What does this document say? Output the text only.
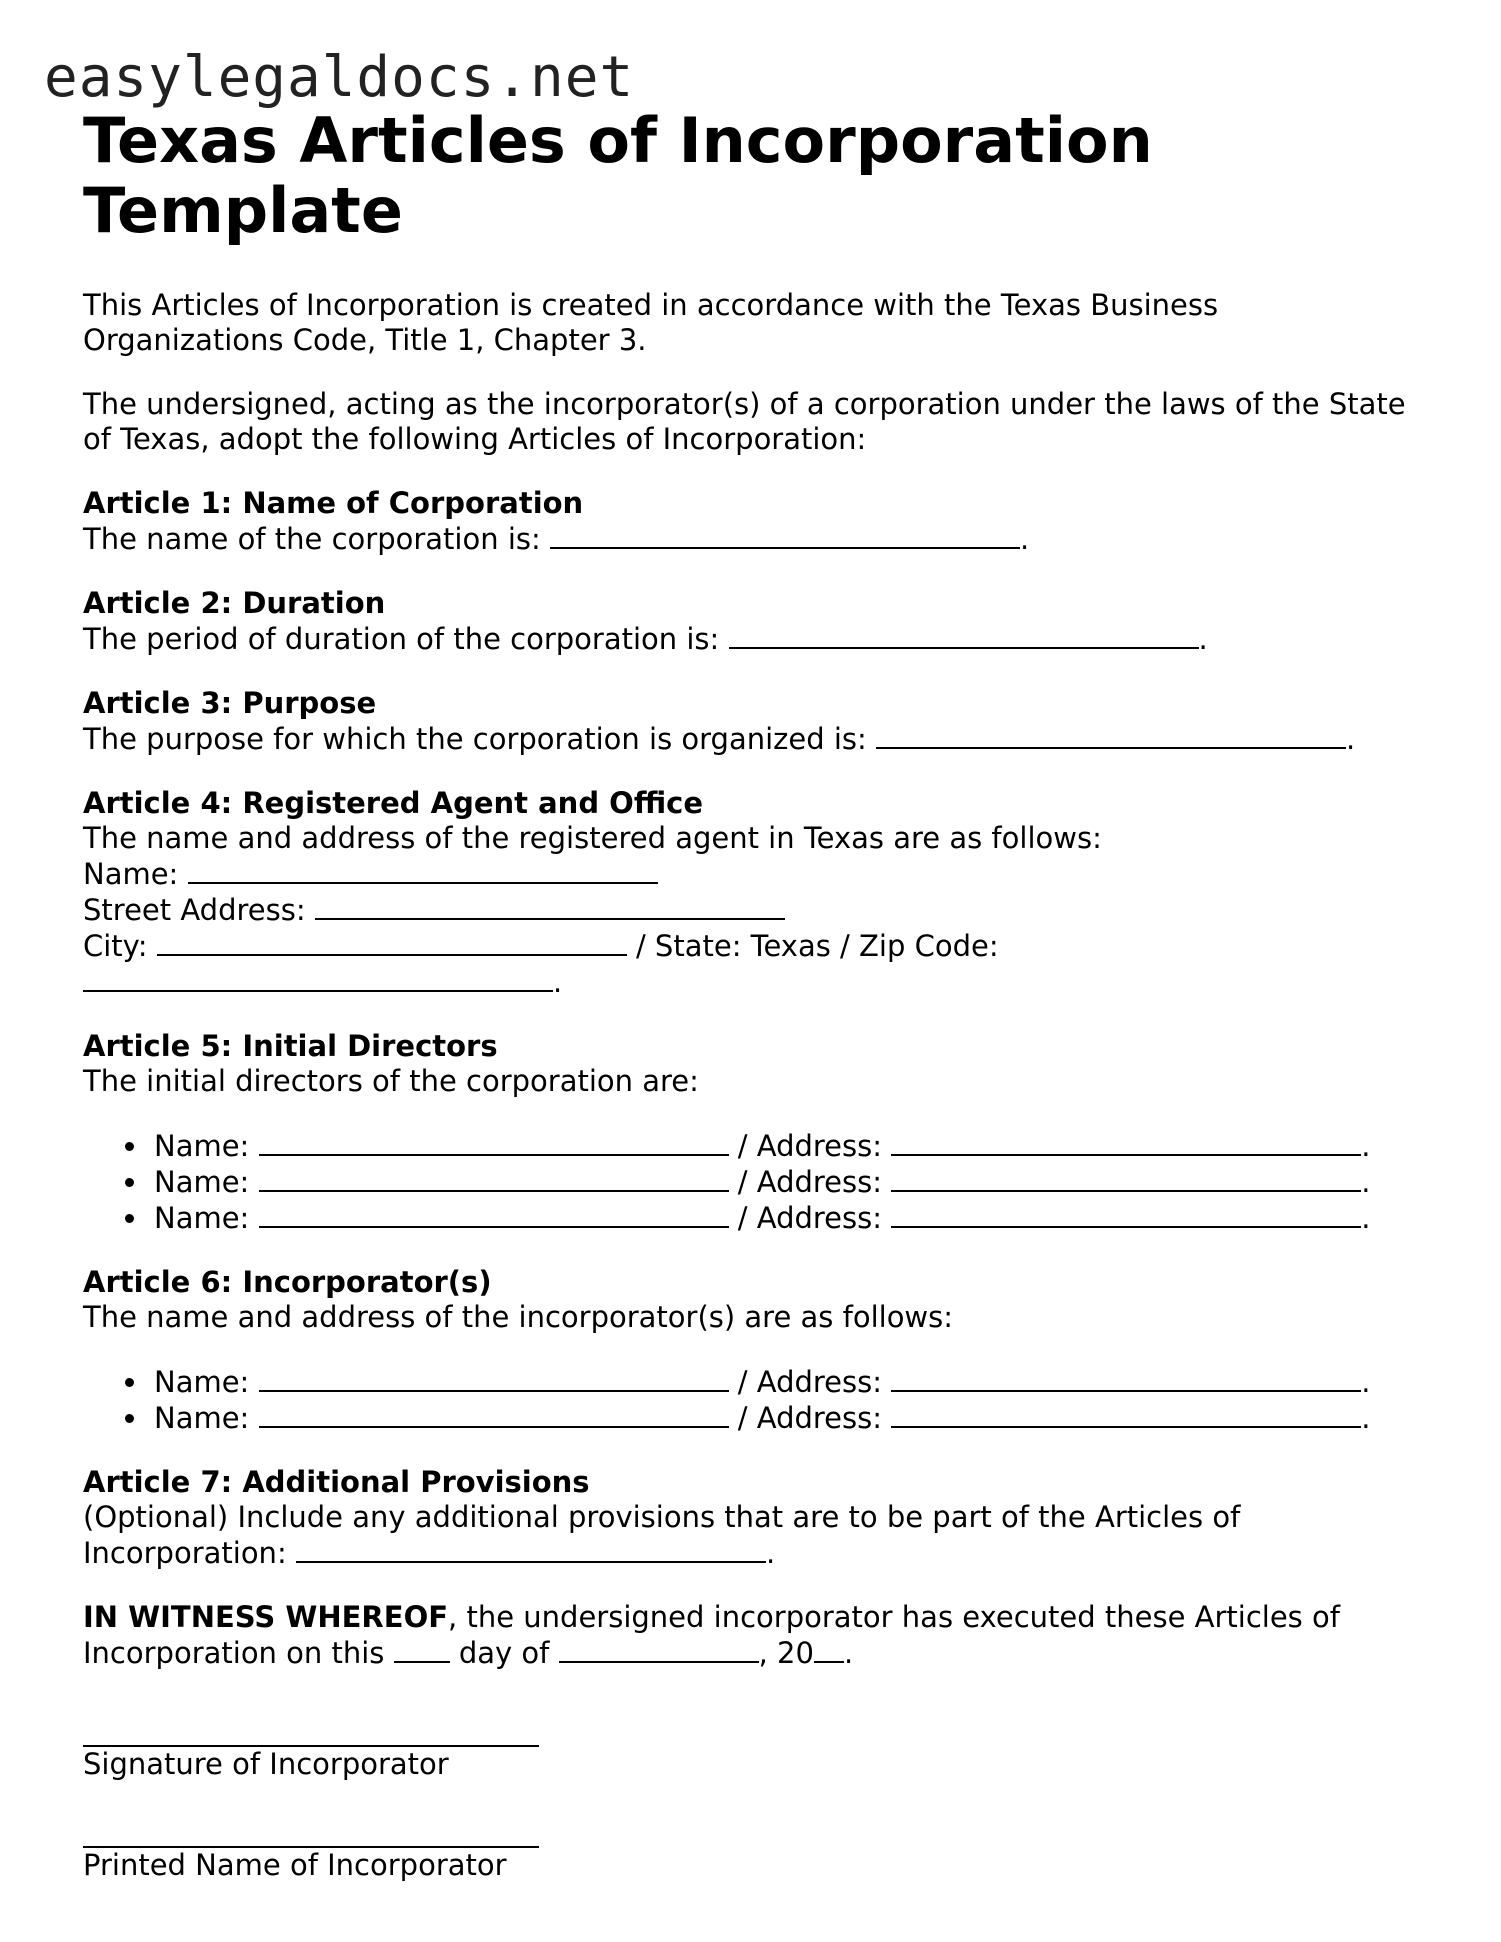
easylegaldocs.net
Texas Articles of Incorporation Template

This Articles of Incorporation is created in accordance with the Texas Business Organizations Code, Title 1, Chapter 3.

The undersigned, acting as the incorporator(s) of a corporation under the laws of the State of Texas, adopt the following Articles of Incorporation:

Article 1: Name of Corporation

The name of the corporation is:	.

Article 2: Duration

The period of duration of the corporation is:	.

Article 3: Purpose

The purpose for which the corporation is organized is:	.

Article 4: Registered Agent and Office

The name and address of the registered agent in Texas are as follows:

Name:

Street Address:

City:	/ State: Texas / Zip Code:

.

Article 5: Initial Directors

The initial directors of the corporation are:

Name:	/ Address:	.
Name:	/ Address:	.
Name:	/ Address:	.

Article 6: Incorporator(s)

The name and address of the incorporator(s) are as follows:

Name:	/ Address:	.
Name:	/ Address:	.

Article 7: Additional Provisions

(Optional) Include any additional provisions that are to be part of the Articles of Incorporation:	.

IN WITNESS WHEREOF, the undersigned incorporator has executed these Articles of Incorporation on this	day of	, 20 .

Signature of Incorporator

Printed Name of Incorporator
